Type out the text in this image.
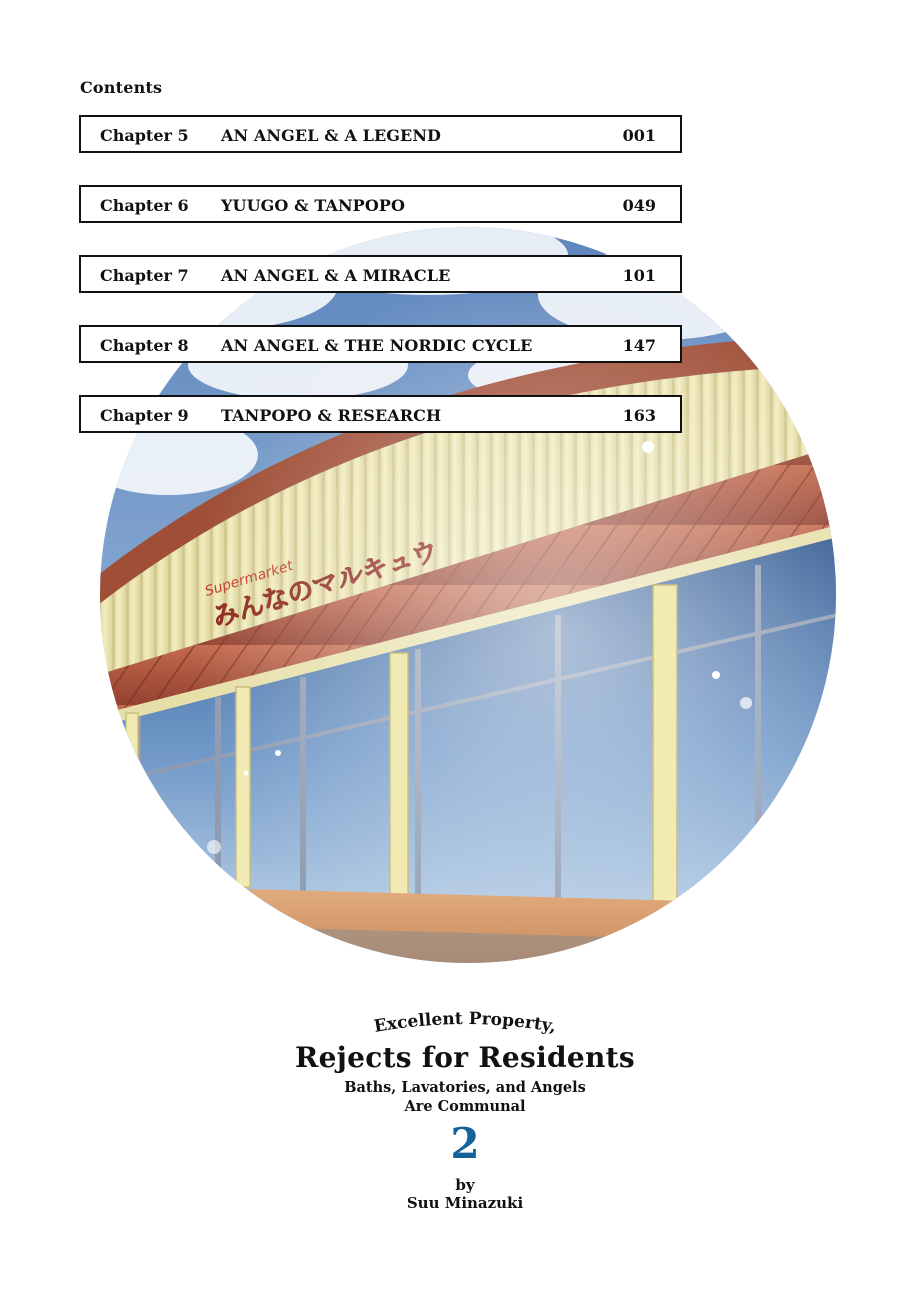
Contents
Chapter 5 AN ANGEL & A LEGEND	001
Chapter 6 YUUGO & TANPOPO	049
Chapter 7 AN ANGEL & A MIRACLE	101
Chapter 8 AN ANGEL & THE NORDIC CYCLE	147
Chapter 9 TANPOPO & RESEARCH	163
Excellent Property,
Rejects for Residents
Baths, Lavatories, and Angels
Are Communal
2
by
Suu Minazuki
